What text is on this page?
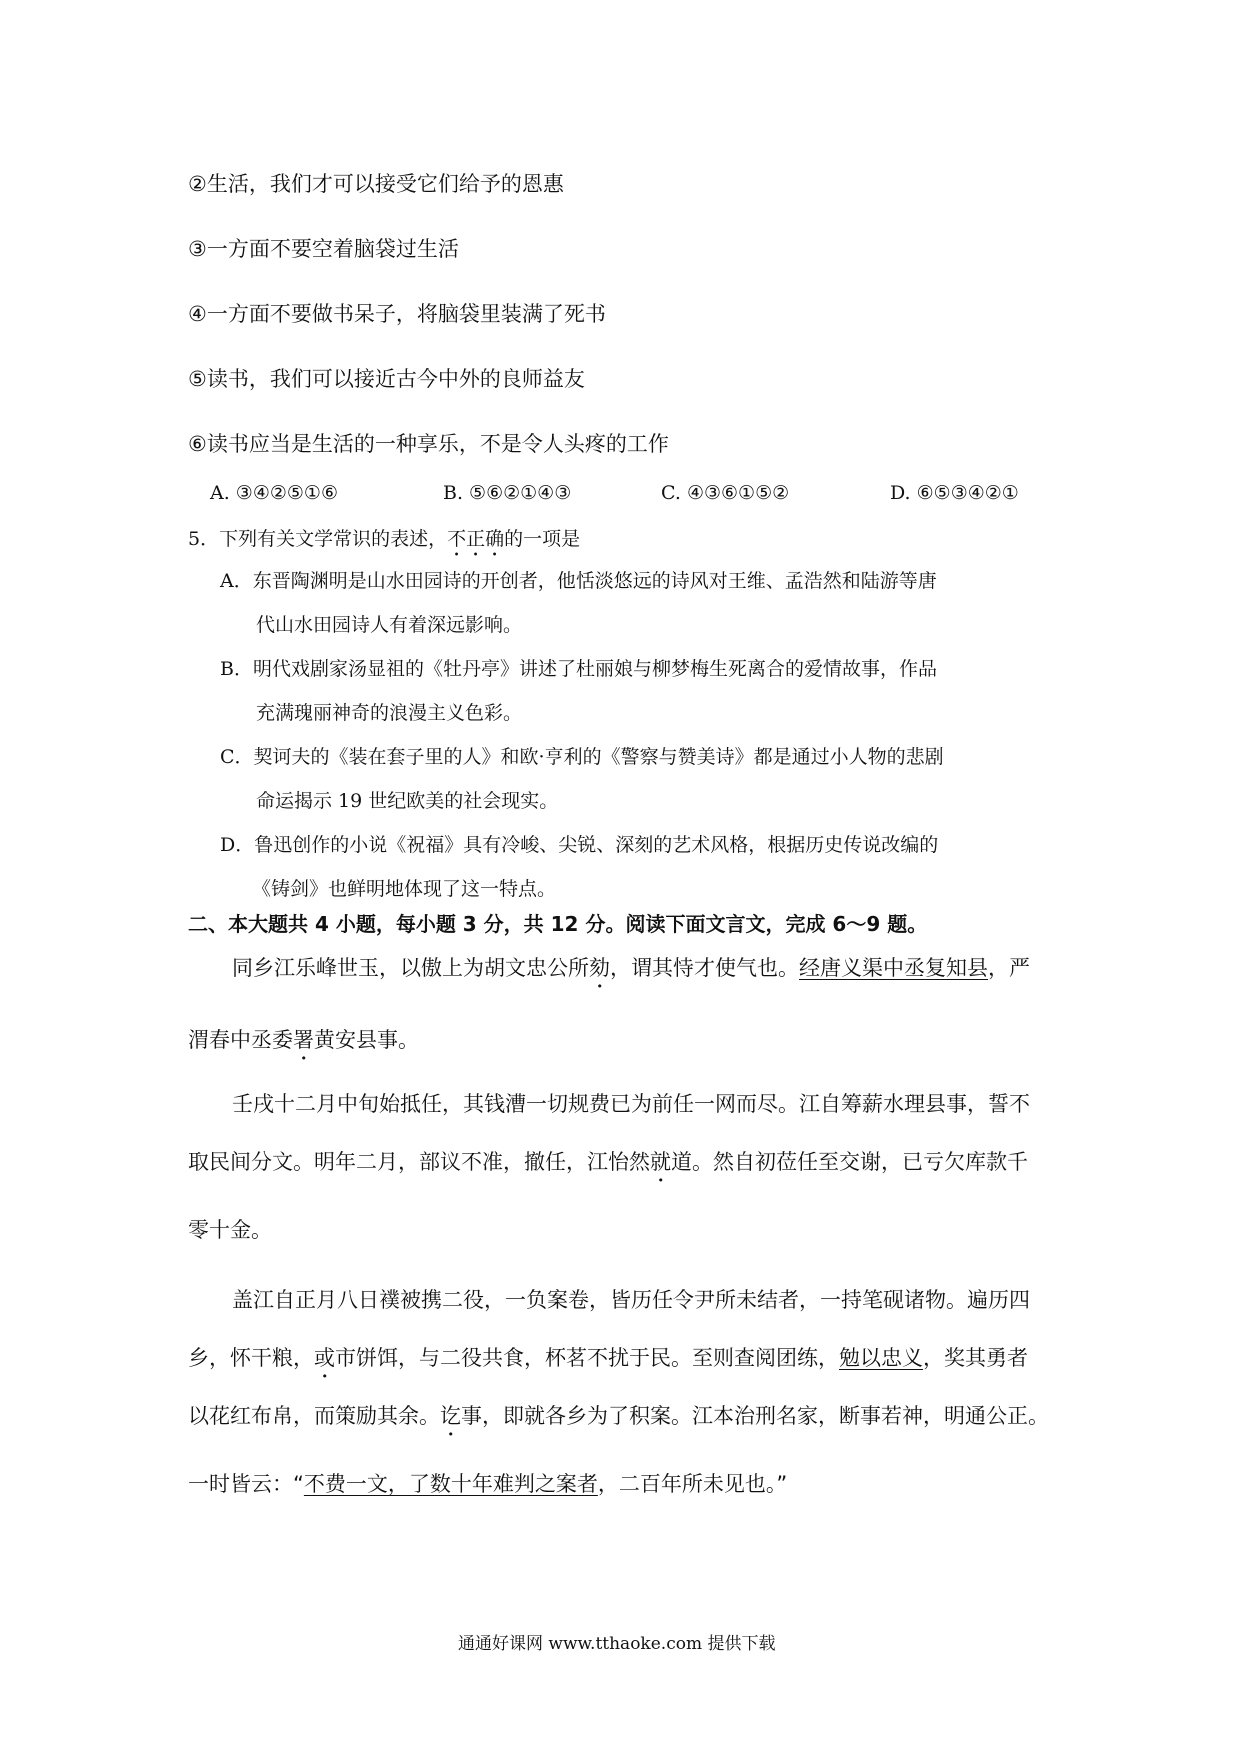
②生活，我们才可以接受它们给予的恩惠
③一方面不要空着脑袋过生活
④一方面不要做书呆子，将脑袋里装满了死书
⑤读书，我们可以接近古今中外的良师益友
⑥读书应当是生活的一种享乐，不是令人头疼的工作
A. ③④②⑤①⑥	B. ⑤⑥②①④③	C. ④③⑥①⑤②	D. ⑥⑤③④②①
5．下列有关文学常识的表述，不正确的一项是
A．东晋陶渊明是山水田园诗的开创者，他恬淡悠远的诗风对王维、孟浩然和陆游等唐
代山水田园诗人有着深远影响。
B．明代戏剧家汤显祖的《牡丹亭》讲述了杜丽娘与柳梦梅生死离合的爱情故事，作品
充满瑰丽神奇的浪漫主义色彩。
C．契诃夫的《装在套子里的人》和欧·亨利的《警察与赞美诗》都是通过小人物的悲剧
命运揭示 19 世纪欧美的社会现实。
D．鲁迅创作的小说《祝福》具有冷峻、尖锐、深刻的艺术风格，根据历史传说改编的
《铸剑》也鲜明地体现了这一特点。
二、本大题共 4 小题，每小题 3 分，共 12 分。阅读下面文言文，完成 6～9 题。
同乡江乐峰世玉，以傲上为胡文忠公所劾，谓其恃才使气也。经唐义渠中丞复知县，严
渭春中丞委署黄安县事。
壬戌十二月中旬始抵任，其钱漕一切规费已为前任一网而尽。江自筹薪水理县事，誓不
取民间分文。明年二月，部议不准，撤任，江怡然就道。然自初莅任至交谢，已亏欠库款千
零十金。
盖江自正月八日襆被携二役，一负案卷，皆历任令尹所未结者，一持笔砚诸物。遍历四
乡，怀干粮，或市饼饵，与二役共食，杯茗不扰于民。至则查阅团练，勉以忠义，奖其勇者
以花红布帛，而策励其余。讫事，即就各乡为了积案。江本治刑名家，断事若神，明通公正。
一时皆云：“不费一文，了数十年难判之案者，二百年所未见也。”
通通好课网 www.tthaoke.com 提供下载
